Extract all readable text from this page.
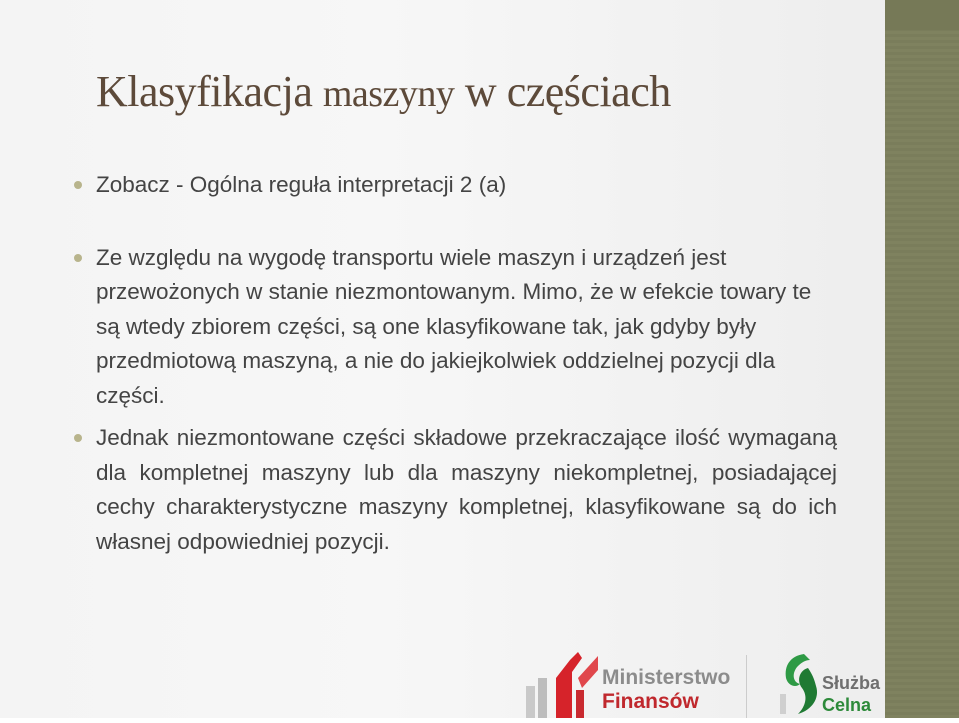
Klasyfikacja maszyny w częściach
Zobacz - Ogólna reguła interpretacji 2 (a)
Ze względu na wygodę transportu wiele maszyn i urządzeń jest przewożonych w stanie niezmontowanym. Mimo, że w efekcie towary te są wtedy zbiorem części, są one klasyfikowane tak, jak gdyby były przedmiotową maszyną, a nie do jakiejkolwiek oddzielnej pozycji dla części.
Jednak niezmontowane części składowe przekraczające ilość wymaganą dla kompletnej maszyny lub dla maszyny niekompletnej, posiadającej cechy charakterystyczne maszyny kompletnej, klasyfikowane są do ich własnej odpowiedniej pozycji.
Ministerstwo
Finansów
Służba
Celna
